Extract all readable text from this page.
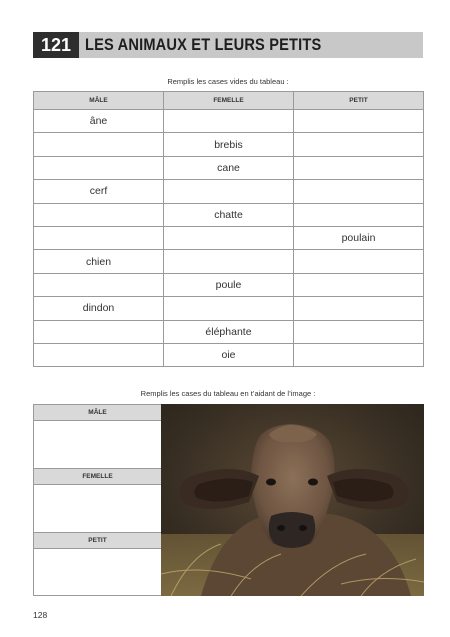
121 LES ANIMAUX ET LEURS PETITS
Remplis les cases vides du tableau :
MÂLE	FEMELLE	PETIT
âne		
	brebis	
	cane	
cerf		
	chatte	
		poulain
chien		
	poule	
dindon		
	éléphante	
	oie	
Remplis les cases du tableau en t’aidant de l’image :
MÂLE
FEMELLE
PETIT
128
